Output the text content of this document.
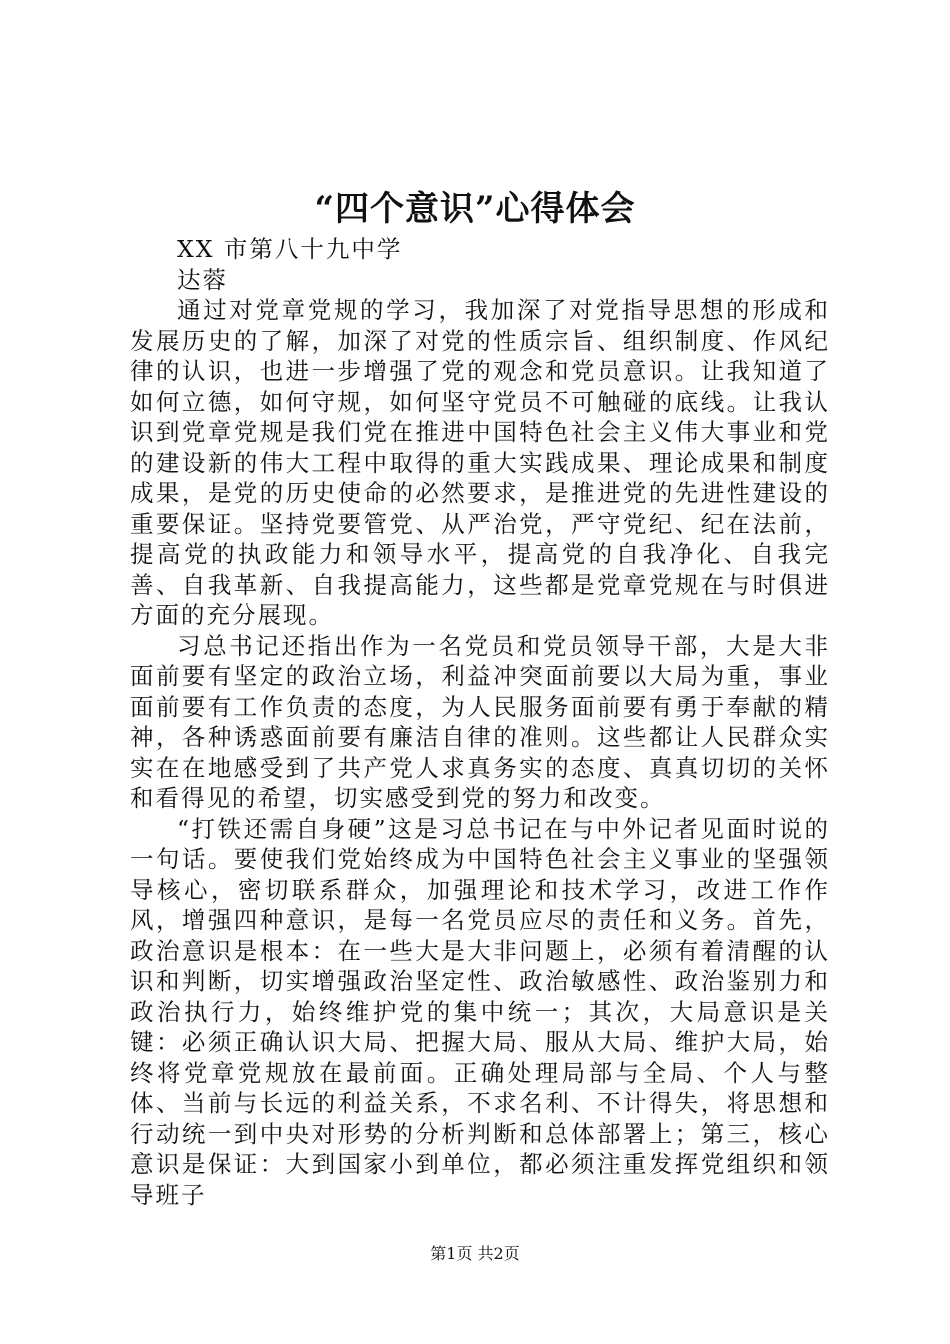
“四个意识”心得体会

XX 市第八十九中学

达蓉

通过对党章党规的学习，我加深了对党指导思想的形成和发展历史的了解，加深了对党的性质宗旨、组织制度、作风纪律的认识，也进一步增强了党的观念和党员意识。让我知道了如何立德，如何守规，如何坚守党员不可触碰的底线。让我认识到党章党规是我们党在推进中国特色社会主义伟大事业和党的建设新的伟大工程中取得的重大实践成果、理论成果和制度成果，是党的历史使命的必然要求，是推进党的先进性建设的重要保证。坚持党要管党、从严治党，严守党纪、纪在法前，提高党的执政能力和领导水平，提高党的自我净化、自我完善、自我革新、自我提高能力，这些都是党章党规在与时俱进方面的充分展现。

习总书记还指出作为一名党员和党员领导干部，大是大非面前要有坚定的政治立场，利益冲突面前要以大局为重，事业面前要有工作负责的态度，为人民服务面前要有勇于奉献的精神，各种诱惑面前要有廉洁自律的准则。这些都让人民群众实实在在地感受到了共产党人求真务实的态度、真真切切的关怀和看得见的希望，切实感受到党的努力和改变。

“打铁还需自身硬”这是习总书记在与中外记者见面时说的一句话。要使我们党始终成为中国特色社会主义事业的坚强领导核心，密切联系群众，加强理论和技术学习，改进工作作风，增强四种意识，是每一名党员应尽的责任和义务。首先，政治意识是根本：在一些大是大非问题上，必须有着清醒的认识和判断，切实增强政治坚定性、政治敏感性、政治鉴别力和政治执行力，始终维护党的集中统一；其次，大局意识是关键：必须正确认识大局、把握大局、服从大局、维护大局，始终将党章党规放在最前面。正确处理局部与全局、个人与整体、当前与长远的利益关系，不求名利、不计得失，将思想和行动统一到中央对形势的分析判断和总体部署上；第三，核心意识是保证：大到国家小到单位，都必须注重发挥党组织和领导班子

第1页 共2页
